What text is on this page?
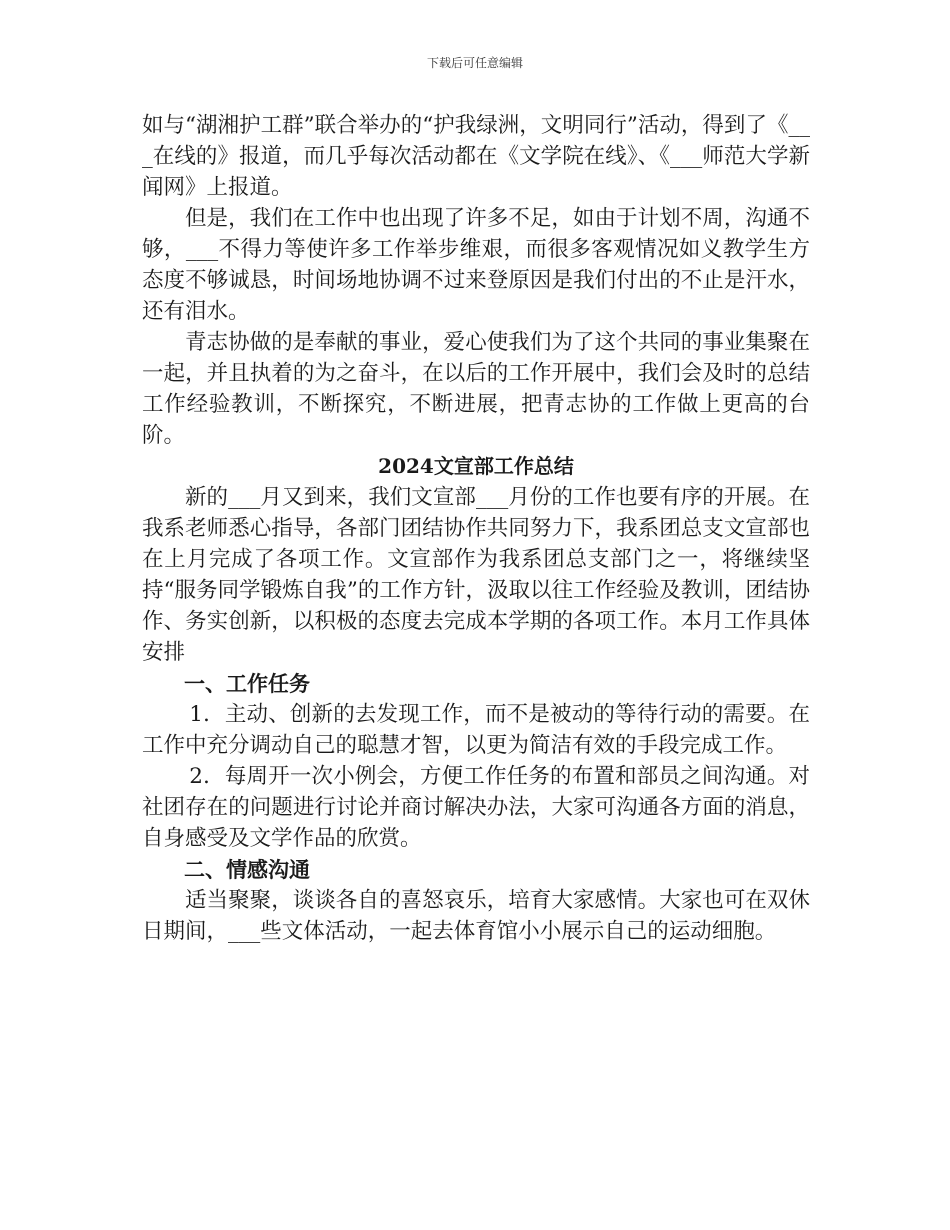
下载后可任意编辑

如与“湖湘护工群”联合举办的“护我绿洲，文明同行”活动，得到了《___在线的》报道，而几乎每次活动都在《文学院在线》、《___师范大学新闻网》上报道。

但是，我们在工作中也出现了许多不足，如由于计划不周，沟通不够，___不得力等使许多工作举步维艰，而很多客观情况如义教学生方态度不够诚恳，时间场地协调不过来登原因是我们付出的不止是汗水，还有泪水。

青志协做的是奉献的事业，爱心使我们为了这个共同的事业集聚在一起，并且执着的为之奋斗，在以后的工作开展中，我们会及时的总结工作经验教训，不断探究，不断进展，把青志协的工作做上更高的台阶。

2024文宣部工作总结

新的___月又到来，我们文宣部___月份的工作也要有序的开展。在我系老师悉心指导，各部门团结协作共同努力下，我系团总支文宣部也在上月完成了各项工作。文宣部作为我系团总支部门之一，将继续坚持“服务同学锻炼自我”的工作方针，汲取以往工作经验及教训，团结协作、务实创新，以积极的态度去完成本学期的各项工作。本月工作具体安排

一、工作任务

1．主动、创新的去发现工作，而不是被动的等待行动的需要。在工作中充分调动自己的聪慧才智，以更为简洁有效的手段完成工作。

2．每周开一次小例会，方便工作任务的布置和部员之间沟通。对社团存在的问题进行讨论并商讨解决办法，大家可沟通各方面的消息，自身感受及文学作品的欣赏。

二、情感沟通

适当聚聚，谈谈各自的喜怒哀乐，培育大家感情。大家也可在双休日期间，___些文体活动，一起去体育馆小小展示自己的运动细胞。
